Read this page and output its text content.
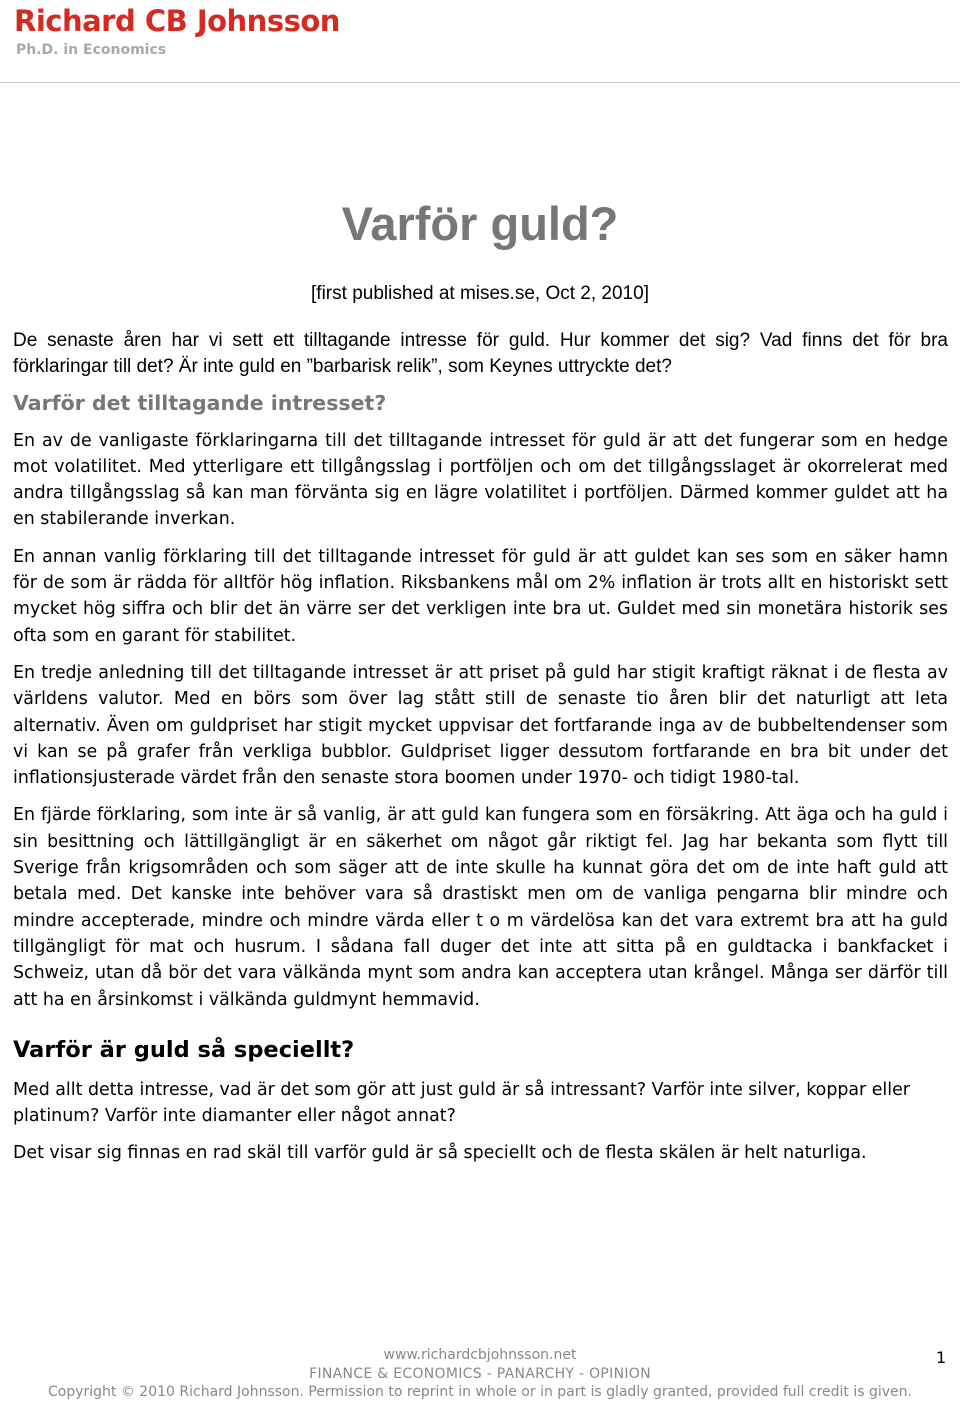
Richard CB Johnsson
Ph.D. in Economics
Varför guld?
[first published at mises.se, Oct 2, 2010]

De senaste åren har vi sett ett tilltagande intresse för guld. Hur kommer det sig? Vad finns det för bra förklaringar till det? Är inte guld en ”barbarisk relik”, som Keynes uttryckte det?

Varför det tilltagande intresset?

En av de vanligaste förklaringarna till det tilltagande intresset för guld är att det fungerar som en hedge mot volatilitet. Med ytterligare ett tillgångsslag i portföljen och om det tillgångsslaget är okorrelerat med andra tillgångsslag så kan man förvänta sig en lägre volatilitet i portföljen. Därmed kommer guldet att ha en stabilerande inverkan.

En annan vanlig förklaring till det tilltagande intresset för guld är att guldet kan ses som en säker hamn för de som är rädda för alltför hög inflation. Riksbankens mål om 2% inflation är trots allt en historiskt sett mycket hög siffra och blir det än värre ser det verkligen inte bra ut. Guldet med sin monetära historik ses ofta som en garant för stabilitet.

En tredje anledning till det tilltagande intresset är att priset på guld har stigit kraftigt räknat i de flesta av världens valutor. Med en börs som över lag stått still de senaste tio åren blir det naturligt att leta alternativ. Även om guldpriset har stigit mycket uppvisar det fortfarande inga av de bubbeltendenser som vi kan se på grafer från verkliga bubblor. Guldpriset ligger dessutom fortfarande en bra bit under det inflationsjusterade värdet från den senaste stora boomen under 1970- och tidigt 1980-tal.

En fjärde förklaring, som inte är så vanlig, är att guld kan fungera som en försäkring. Att äga och ha guld i sin besittning och lättillgängligt är en säkerhet om något går riktigt fel. Jag har bekanta som flytt till Sverige från krigsområden och som säger att de inte skulle ha kunnat göra det om de inte haft guld att betala med. Det kanske inte behöver vara så drastiskt men om de vanliga pengarna blir mindre och mindre accepterade, mindre och mindre värda eller t o m värdelösa kan det vara extremt bra att ha guld tillgängligt för mat och husrum. I sådana fall duger det inte att sitta på en guldtacka i bankfacket i Schweiz, utan då bör det vara välkända mynt som andra kan acceptera utan krångel. Många ser därför till att ha en årsinkomst i välkända guldmynt hemmavid.

Varför är guld så speciellt?

Med allt detta intresse, vad är det som gör att just guld är så intressant? Varför inte silver, koppar eller platinum? Varför inte diamanter eller något annat?

Det visar sig finnas en rad skäl till varför guld är så speciellt och de flesta skälen är helt naturliga.

www.richardcbjohnsson.net
FINANCE & ECONOMICS - PANARCHY - OPINION
Copyright © 2010 Richard Johnsson. Permission to reprint in whole or in part is gladly granted, provided full credit is given.
1
